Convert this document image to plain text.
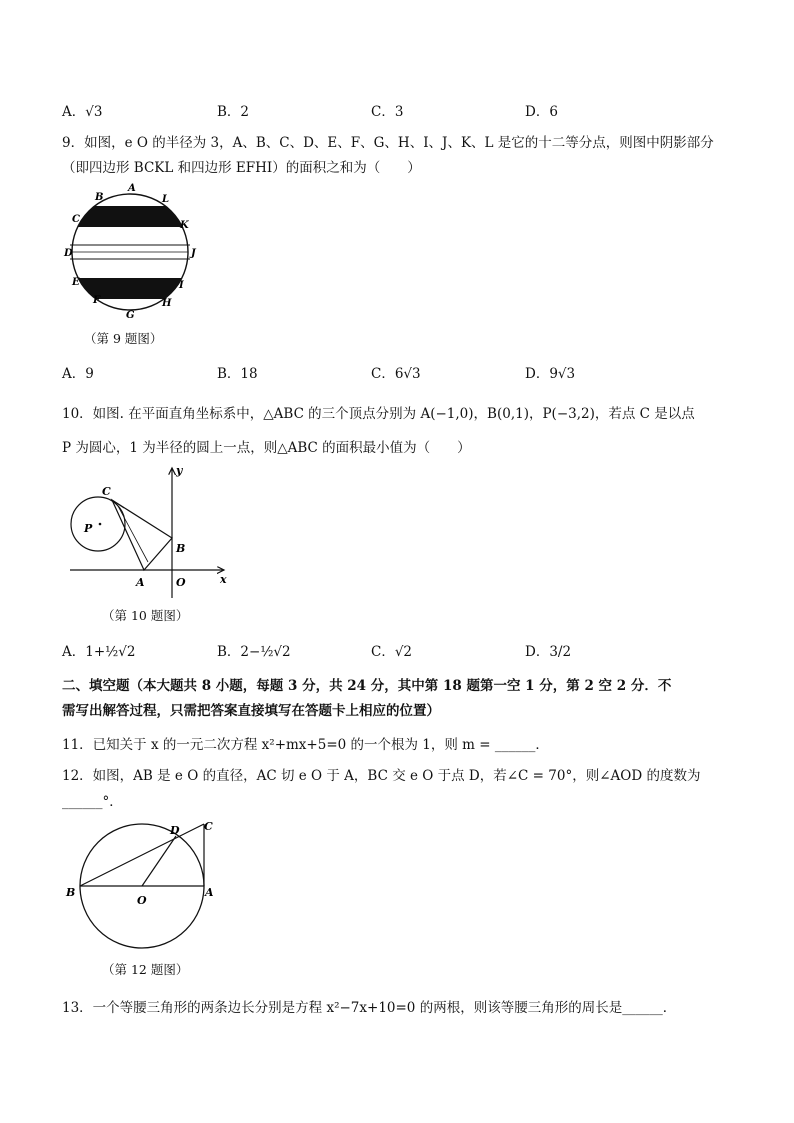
A．√3	B．2	C．3	D．6
9．如图，e O 的半径为 3，A、B、C、D、E、F、G、H、I、J、K、L 是它的十二等分点，则图中阴影部分
（即四边形 BCKL 和四边形 EFHI）的面积之和为（　　）
A
B	L
C
K
D	J
E	I
F	H
G
（第 9 题图）
A．9	B．18	C．6√3	D．9√3
10．如图. 在平面直角坐标系中，△ABC 的三个顶点分别为 A(−1,0)，B(0,1)，P(−3,2)，若点 C 是以点
P 为圆心，1 为半径的圆上一点，则△ABC 的面积最小值为（　　）
y
x
C
P
B
A	O
（第 10 题图）
A．1+½√2	B．2−½√2	C．√2	D．3/2
二、填空题（本大题共 8 小题，每题 3 分，共 24 分，其中第 18 题第一空 1 分，第 2 空 2 分．不
需写出解答过程，只需把答案直接填写在答题卡上相应的位置）
11．已知关于 x 的一元二次方程 x²+mx+5=0 的一个根为 1，则 m = ______．
12．如图，AB 是 e O 的直径，AC 切 e O 于 A，BC 交 e O 于点 D，若∠C = 70°，则∠AOD 的度数为
______°．
D C
B	A
O
（第 12 题图）
13．一个等腰三角形的两条边长分别是方程 x²−7x+10=0 的两根，则该等腰三角形的周长是______．
